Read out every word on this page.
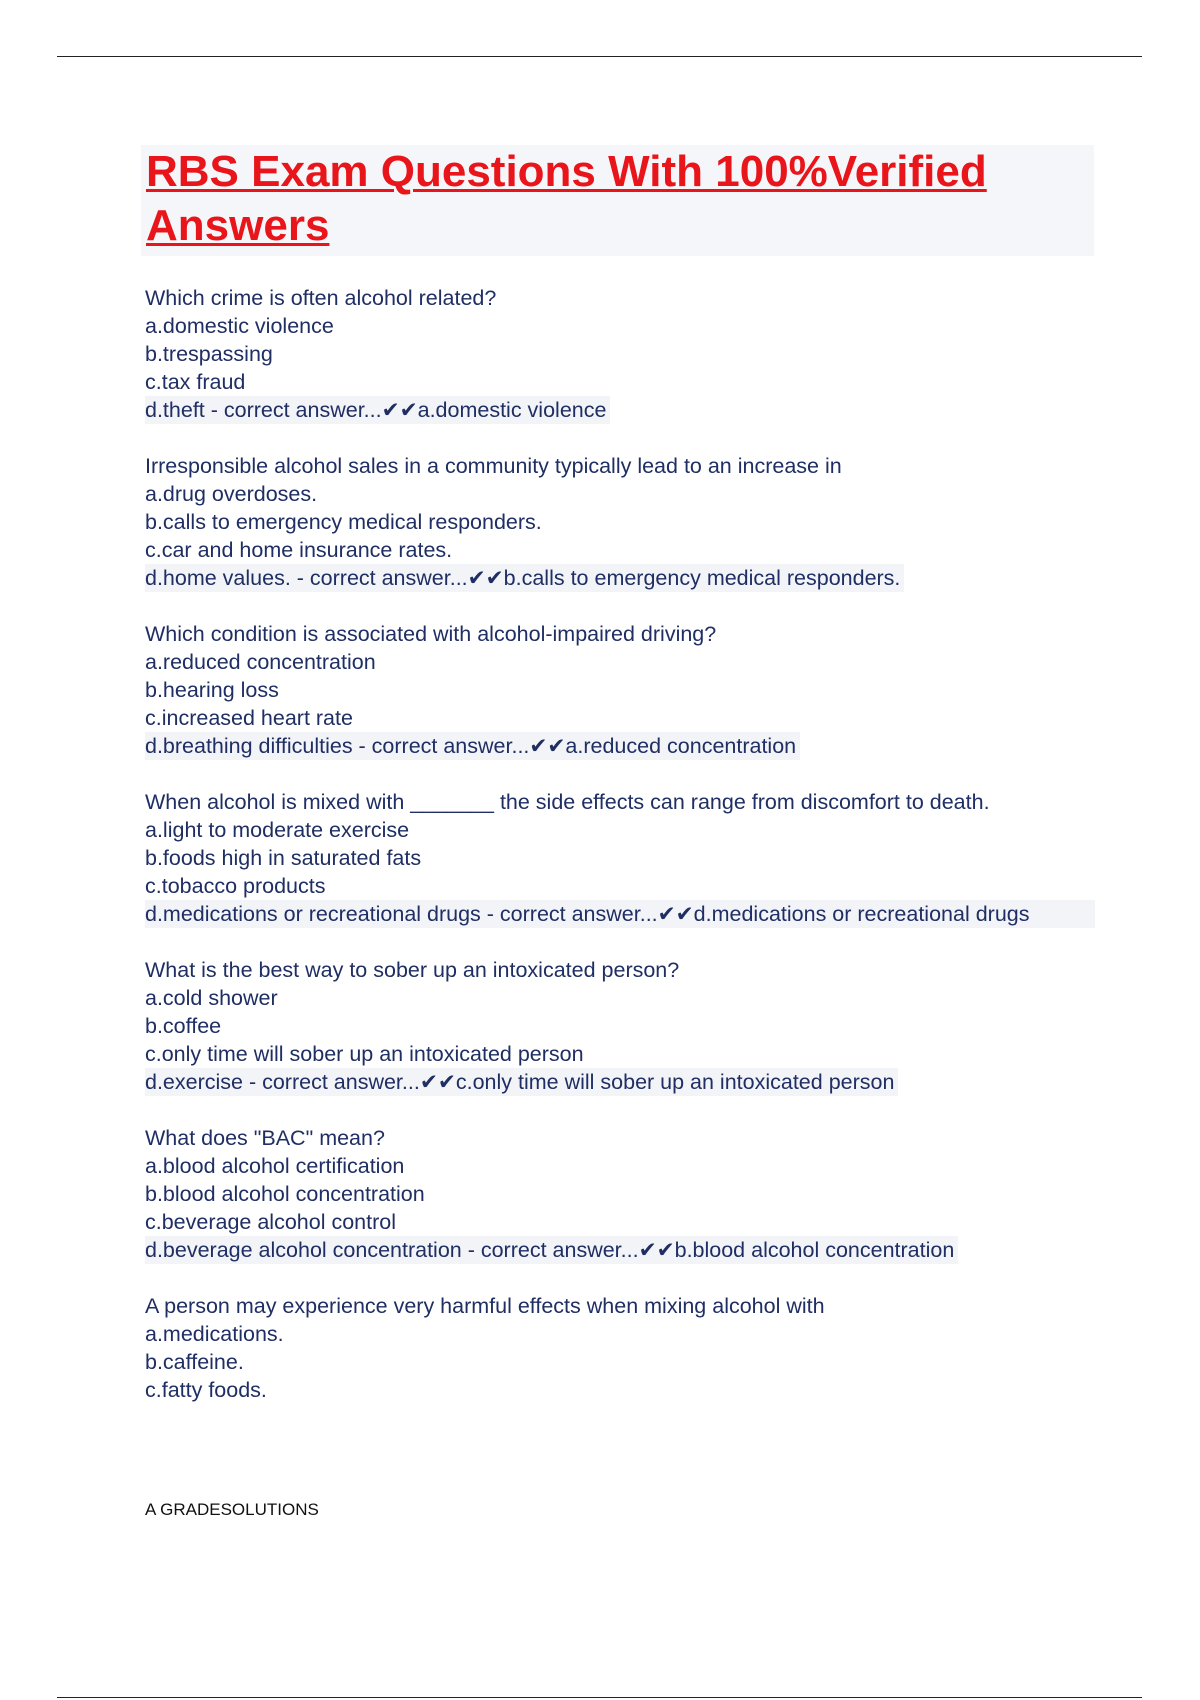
RBS Exam Questions With 100%Verified Answers
Which crime is often alcohol related?
a.domestic violence
b.trespassing
c.tax fraud
d.theft - correct answer...✔✔a.domestic violence
Irresponsible alcohol sales in a community typically lead to an increase in
a.drug overdoses.
b.calls to emergency medical responders.
c.car and home insurance rates.
d.home values. - correct answer...✔✔b.calls to emergency medical responders.
Which condition is associated with alcohol-impaired driving?
a.reduced concentration
b.hearing loss
c.increased heart rate
d.breathing difficulties - correct answer...✔✔a.reduced concentration
When alcohol is mixed with _______ the side effects can range from discomfort to death.
a.light to moderate exercise
b.foods high in saturated fats
c.tobacco products
d.medications or recreational drugs - correct answer...✔✔d.medications or recreational drugs
What is the best way to sober up an intoxicated person?
a.cold shower
b.coffee
c.only time will sober up an intoxicated person
d.exercise - correct answer...✔✔c.only time will sober up an intoxicated person
What does "BAC" mean?
a.blood alcohol certification
b.blood alcohol concentration
c.beverage alcohol control
d.beverage alcohol concentration - correct answer...✔✔b.blood alcohol concentration
A person may experience very harmful effects when mixing alcohol with
a.medications.
b.caffeine.
c.fatty foods.
A GRADESOLUTIONS
